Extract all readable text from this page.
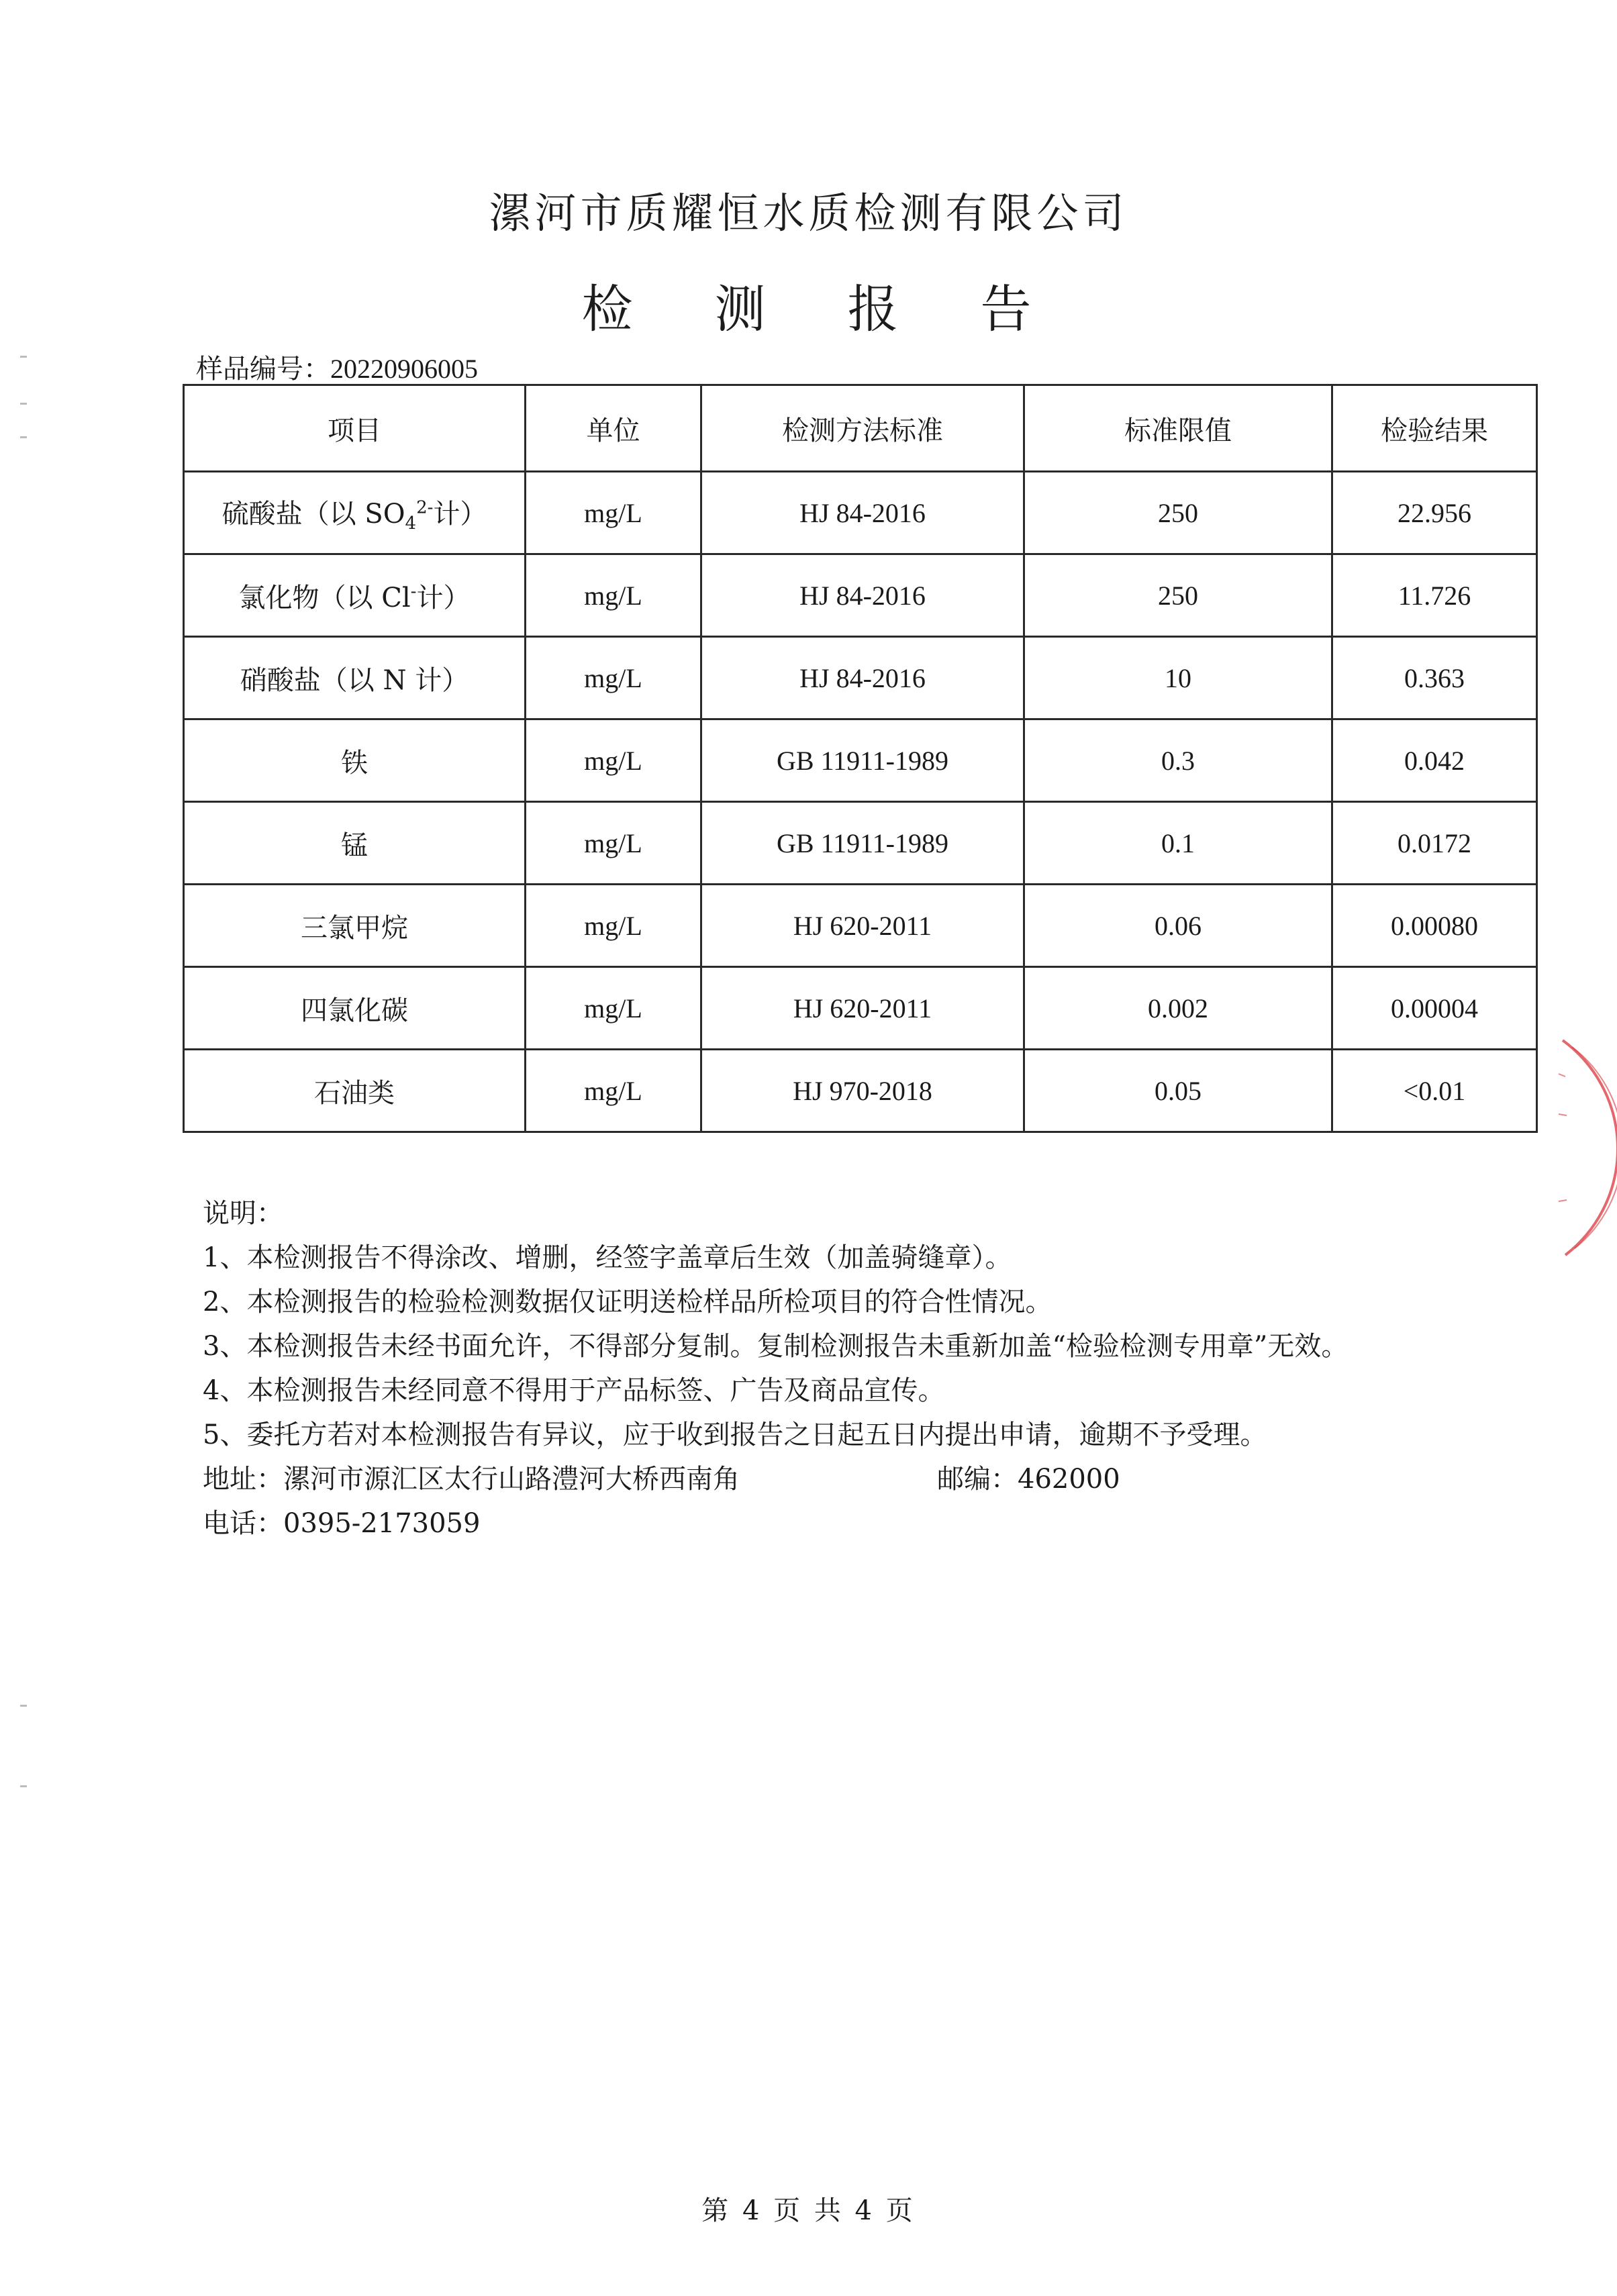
漯河市质耀恒水质检测有限公司
检 测 报 告
样品编号：20220906005
项目	单位	检测方法标准	标准限值	检验结果
硫酸盐（以 $SO_4^{2-}$计）	mg/L	HJ 84-2016	250	22.956
氯化物（以 Cl-计）	mg/L	HJ 84-2016	250	11.726
硝酸盐（以 N 计）	mg/L	HJ 84-2016	10	0.363
铁	mg/L	GB 11911-1989	0.3	0.042
锰	mg/L	GB 11911-1989	0.1	0.0172
三氯甲烷	mg/L	HJ 620-2011	0.06	0.00080
四氯化碳	mg/L	HJ 620-2011	0.002	0.00004
石油类	mg/L	HJ 970-2018	0.05	<0.01
说明：
1、本检测报告不得涂改、增删，经签字盖章后生效（加盖骑缝章）。
2、本检测报告的检验检测数据仅证明送检样品所检项目的符合性情况。
3、本检测报告未经书面允许，不得部分复制。复制检测报告未重新加盖“检验检测专用章”无效。
4、本检测报告未经同意不得用于产品标签、广告及商品宣传。
5、委托方若对本检测报告有异议，应于收到报告之日起五日内提出申请，逾期不予受理。
地址：漯河市源汇区太行山路澧河大桥西南角	邮编：462000
电话：0395-2173059
第 4 页 共 4 页
